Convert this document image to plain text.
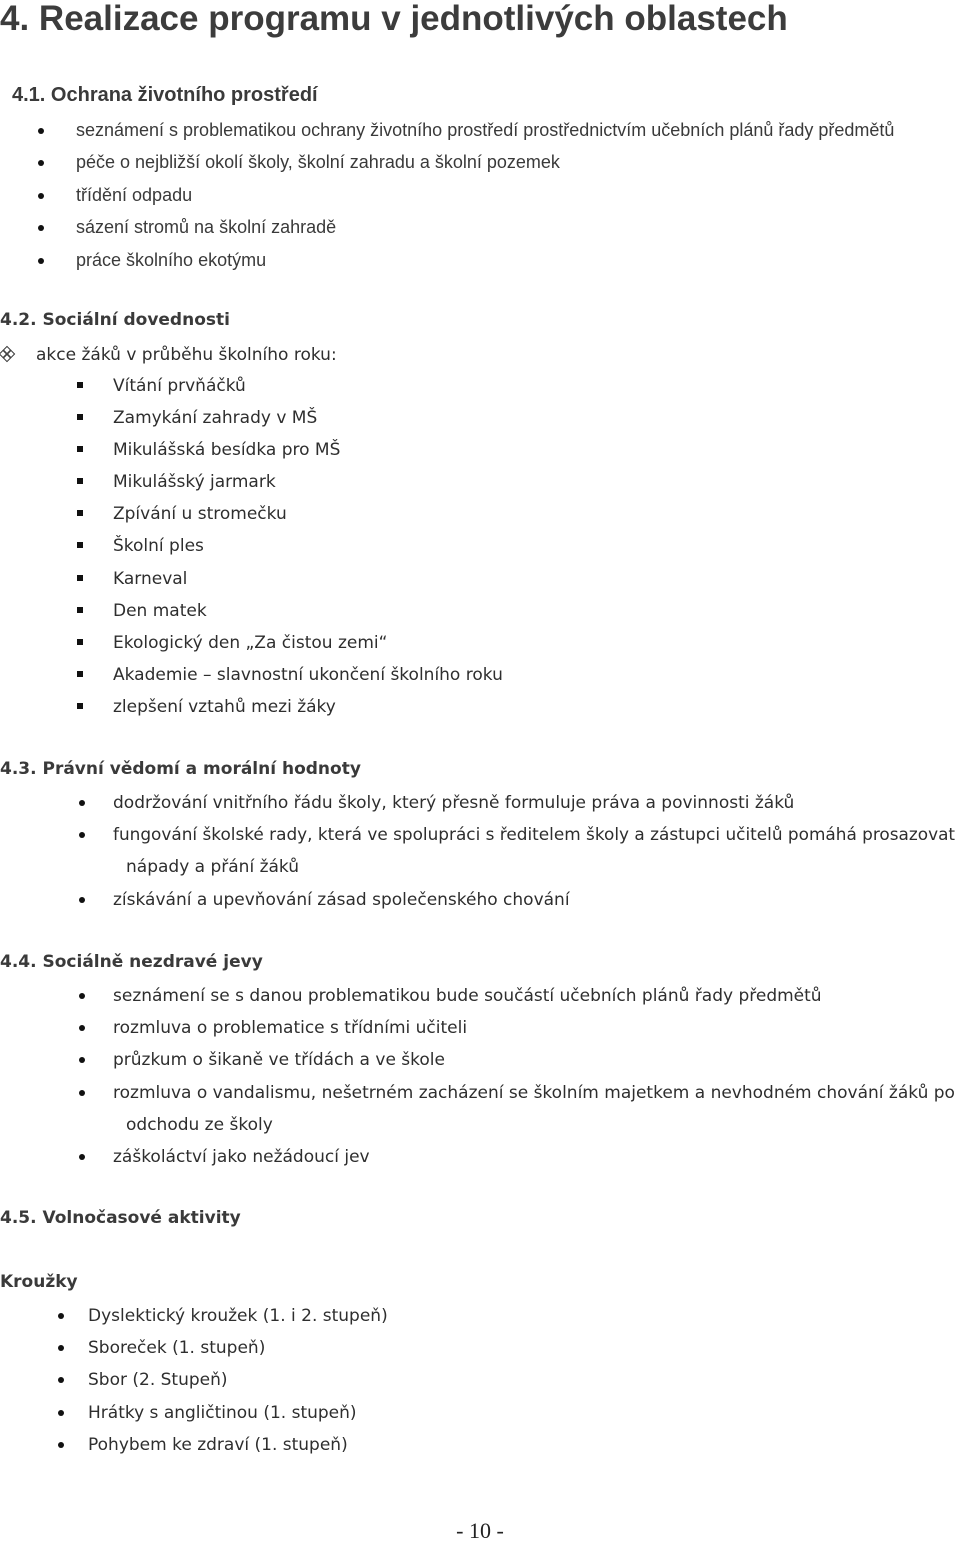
4. Realizace programu v jednotlivých oblastech
4.1. Ochrana životního prostředí
seznámení s problematikou ochrany životního prostředí prostřednictvím učebních plánů řady předmětů
péče o nejbližší okolí školy, školní zahradu a školní pozemek
třídění odpadu
sázení stromů na školní zahradě
práce školního ekotýmu
4.2. Sociální dovednosti
akce žáků v průběhu školního roku:
Vítání prvňáčků
Zamykání zahrady v MŠ
Mikulášská besídka pro MŠ
Mikulášský jarmark
Zpívání u stromečku
Školní ples
Karneval
Den matek
Ekologický den „Za čistou zemi“
Akademie – slavnostní ukončení školního roku
zlepšení vztahů mezi žáky
4.3. Právní vědomí a morální hodnoty
dodržování vnitřního řádu školy, který přesně formuluje práva a povinnosti žáků
fungování školské rady, která ve spolupráci s ředitelem školy a zástupci učitelů pomáhá prosazovat
nápady a přání žáků
získávání a upevňování zásad společenského chování
4.4. Sociálně nezdravé jevy
seznámení se s danou problematikou bude součástí učebních plánů řady předmětů
rozmluva o problematice s třídními učiteli
průzkum o šikaně ve třídách a ve škole
rozmluva o vandalismu, nešetrném zacházení se školním majetkem a nevhodném chování žáků po
odchodu ze školy
záškoláctví jako nežádoucí jev
4.5. Volnočasové aktivity
Kroužky
Dyslektický kroužek (1. i 2. stupeň)
Sboreček (1. stupeň)
Sbor (2. Stupeň)
Hrátky s angličtinou (1. stupeň)
Pohybem ke zdraví (1. stupeň)
- 10 -
